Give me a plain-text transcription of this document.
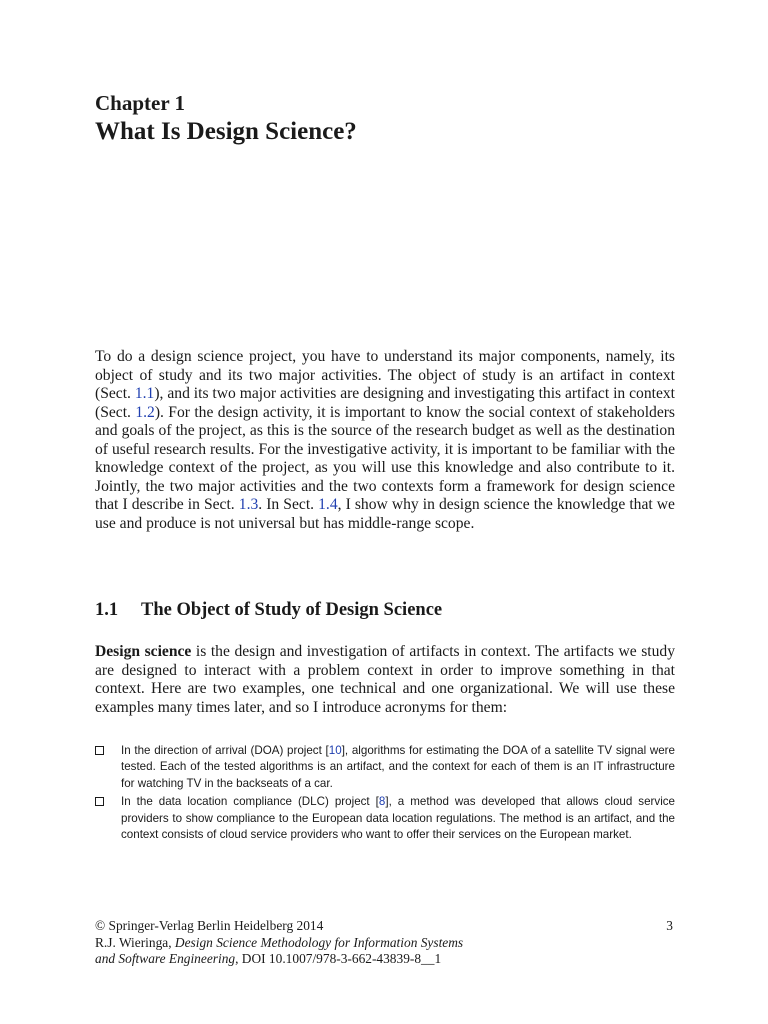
Chapter 1
What Is Design Science?

To do a design science project, you have to understand its major components, namely, its object of study and its two major activities. The object of study is an artifact in context (Sect. 1.1), and its two major activities are designing and investigating this artifact in context (Sect. 1.2). For the design activity, it is important to know the social context of stakeholders and goals of the project, as this is the source of the research budget as well as the destination of useful research results. For the investigative activity, it is important to be familiar with the knowledge context of the project, as you will use this knowledge and also contribute to it. Jointly, the two major activities and the two contexts form a framework for design science that I describe in Sect. 1.3. In Sect. 1.4, I show why in design science the knowledge that we use and produce is not universal but has middle-range scope.

1.1 The Object of Study of Design Science

Design science is the design and investigation of artifacts in context. The artifacts we study are designed to interact with a problem context in order to improve something in that context. Here are two examples, one technical and one organizational. We will use these examples many times later, and so I introduce acronyms for them:

In the direction of arrival (DOA) project [10], algorithms for estimating the DOA of a satellite TV signal were tested. Each of the tested algorithms is an artifact, and the context for each of them is an IT infrastructure for watching TV in the backseats of a car.
In the data location compliance (DLC) project [8], a method was developed that allows cloud service providers to show compliance to the European data location regulations. The method is an artifact, and the context consists of cloud service providers who want to offer their services on the European market.
© Springer-Verlag Berlin Heidelberg 2014
R.J. Wieringa, Design Science Methodology for Information Systems
and Software Engineering, DOI 10.1007/978-3-662-43839-8__1
3
